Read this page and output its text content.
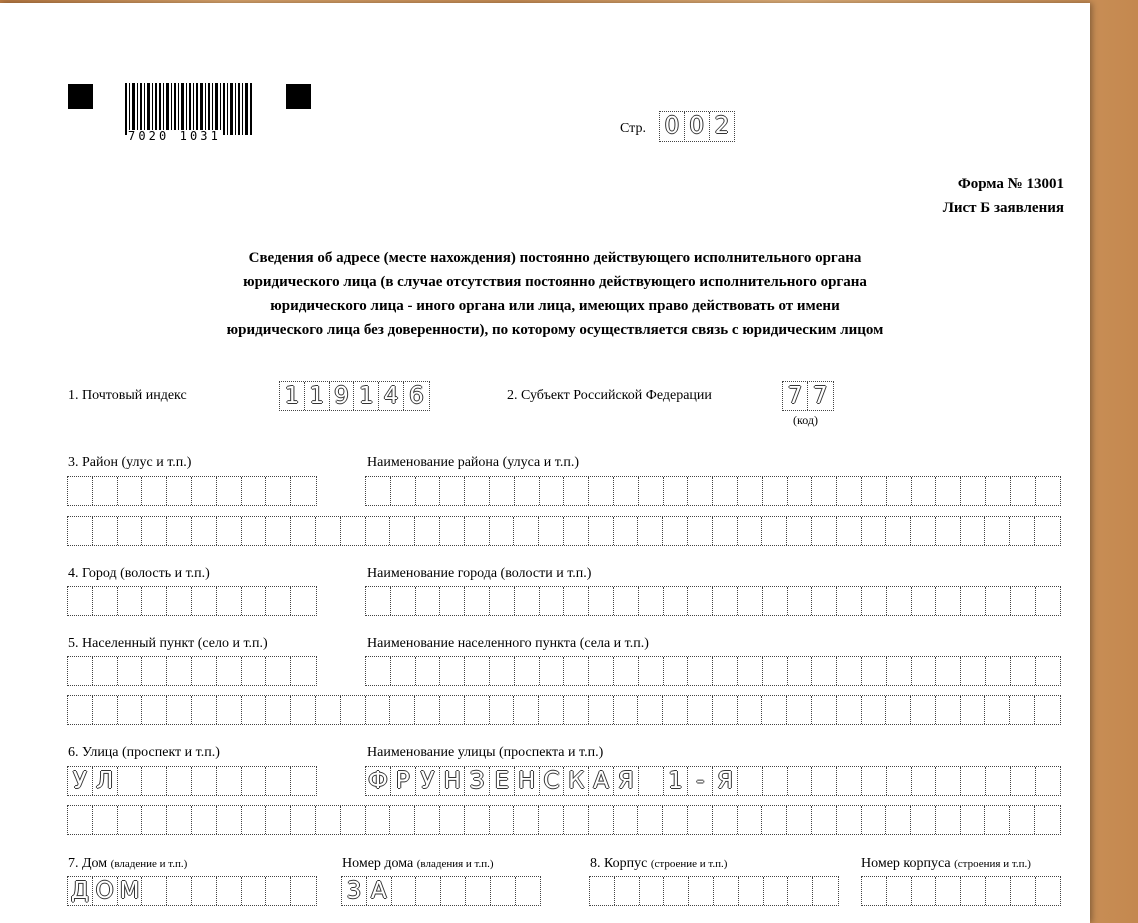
7020 1031	Стр. 0 0 2
Форма № 13001
Лист Б заявления
Сведения об адресе (месте нахождения) постоянно действующего исполнительного органа
юридического лица (в случае отсутствия постоянно действующего исполнительного органа
юридического лица - иного органа или лица, имеющих право действовать от имени
юридического лица без доверенности), по которому осуществляется связь с юридическим лицом
1. Почтовый индекс	1 1 9 1 4 6	2. Субъект Российской Федерации	7 7
(код)
3. Район (улус и т.п.)	Наименование района (улуса и т.п.)
4. Город (волость и т.п.)	Наименование города (волости и т.п.)
5. Населенный пункт (село и т.п.)	Наименование населенного пункта (села и т.п.)
6. Улица (проспект и т.п.)	Наименование улицы (проспекта и т.п.)
У Л	Ф Р У Н З Е Н С К А Я 1 - Я
7. Дом (владение и т.п.)	Номер дома (владения и т.п.)	8. Корпус (строение и т.п.)	Номер корпуса (строения и т.п.)
Д О М	3 А
